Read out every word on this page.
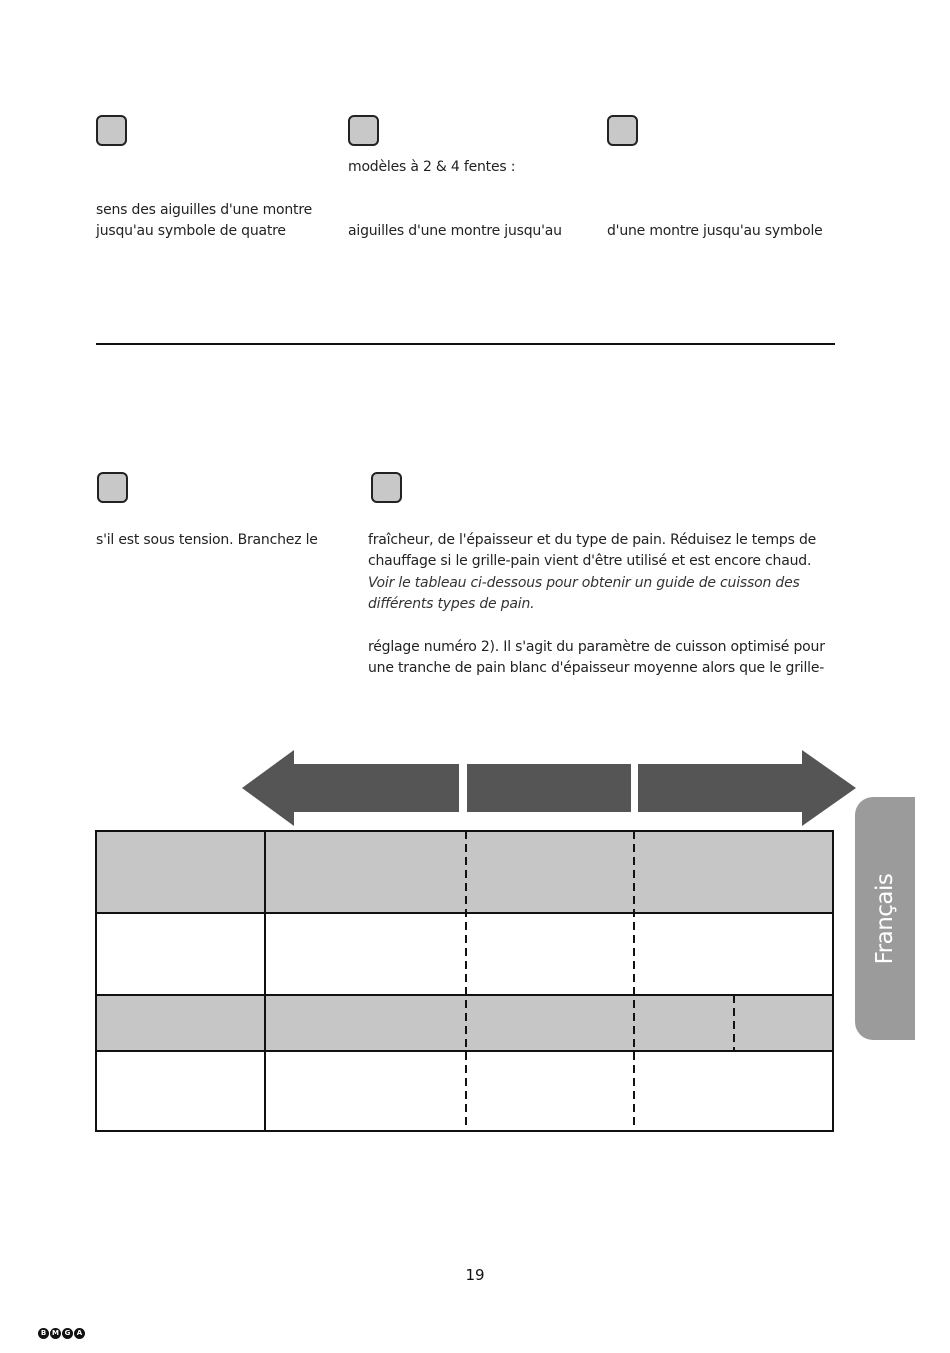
sens des aiguilles d'une montre
jusqu'au symbole de quatre
modèles à 2 & 4 fentes :
aiguilles d'une montre jusqu'au	d'une montre jusqu'au symbole
s'il est sous tension. Branchez le	fraîcheur, de l'épaisseur et du type de pain. Réduisez le temps de
chauffage si le grille-pain vient d'être utilisé et est encore chaud.
Voir le tableau ci-dessous pour obtenir un guide de cuisson des
différents types de pain.
réglage numéro 2). Il s'agit du paramètre de cuisson optimisé pour
une tranche de pain blanc d'épaisseur moyenne alors que le grille-
Français
19
B M G A
